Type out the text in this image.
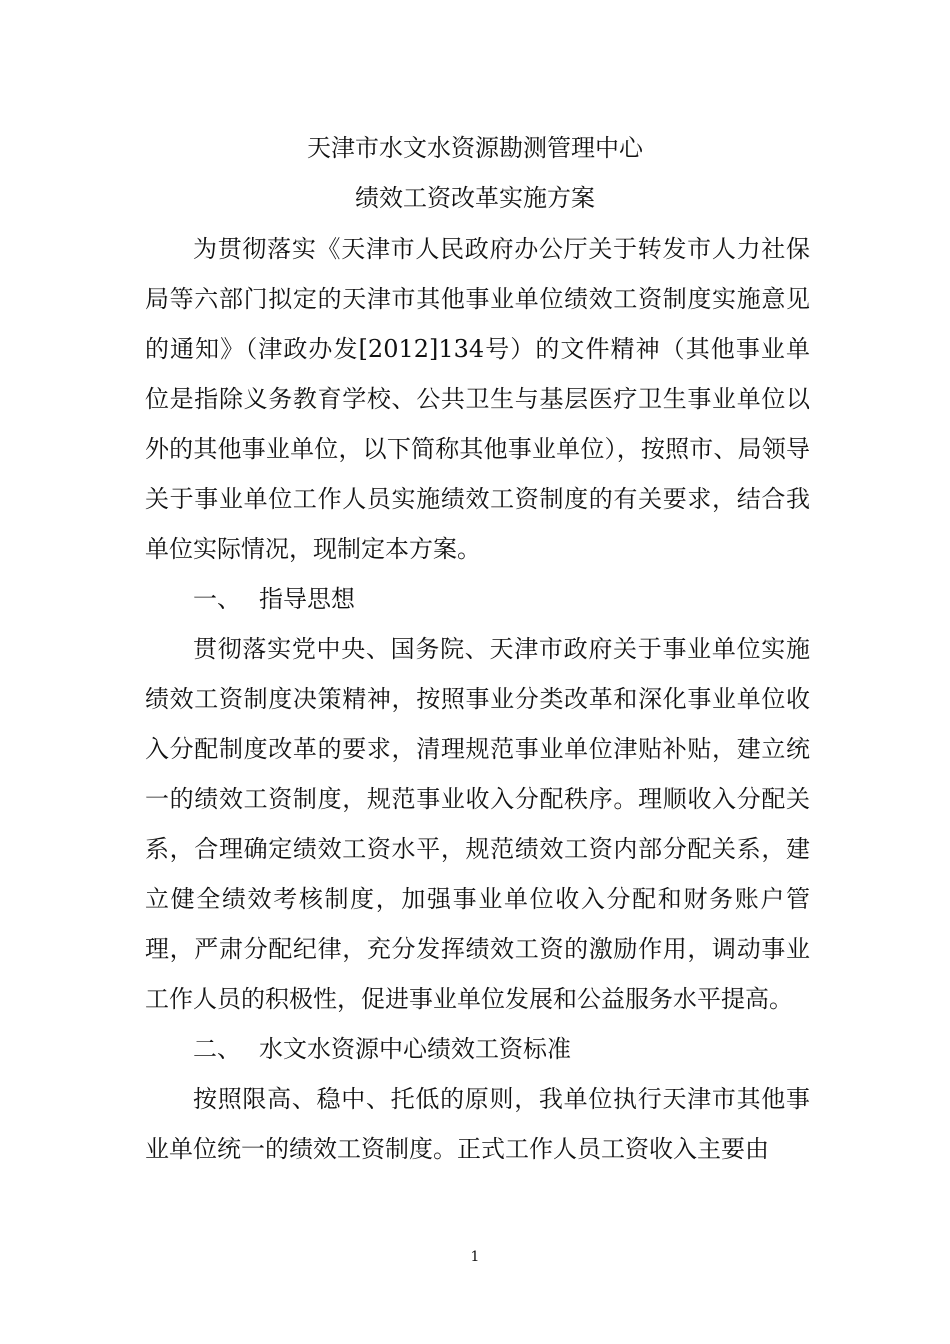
天津市水文水资源勘测管理中心
绩效工资改革实施方案

为贯彻落实《天津市人民政府办公厅关于转发市人力社保局等六部门拟定的天津市其他事业单位绩效工资制度实施意见的通知》（津政办发[2012]134号）的文件精神（其他事业单位是指除义务教育学校、公共卫生与基层医疗卫生事业单位以外的其他事业单位，以下简称其他事业单位），按照市、局领导关于事业单位工作人员实施绩效工资制度的有关要求，结合我单位实际情况，现制定本方案。

一、 指导思想

贯彻落实党中央、国务院、天津市政府关于事业单位实施绩效工资制度决策精神，按照事业分类改革和深化事业单位收入分配制度改革的要求，清理规范事业单位津贴补贴，建立统一的绩效工资制度，规范事业收入分配秩序。理顺收入分配关系，合理确定绩效工资水平，规范绩效工资内部分配关系，建立健全绩效考核制度，加强事业单位收入分配和财务账户管理，严肃分配纪律，充分发挥绩效工资的激励作用，调动事业工作人员的积极性，促进事业单位发展和公益服务水平提高。

二、 水文水资源中心绩效工资标准

按照限高、稳中、托低的原则，我单位执行天津市其他事业单位统一的绩效工资制度。正式工作人员工资收入主要由

1
